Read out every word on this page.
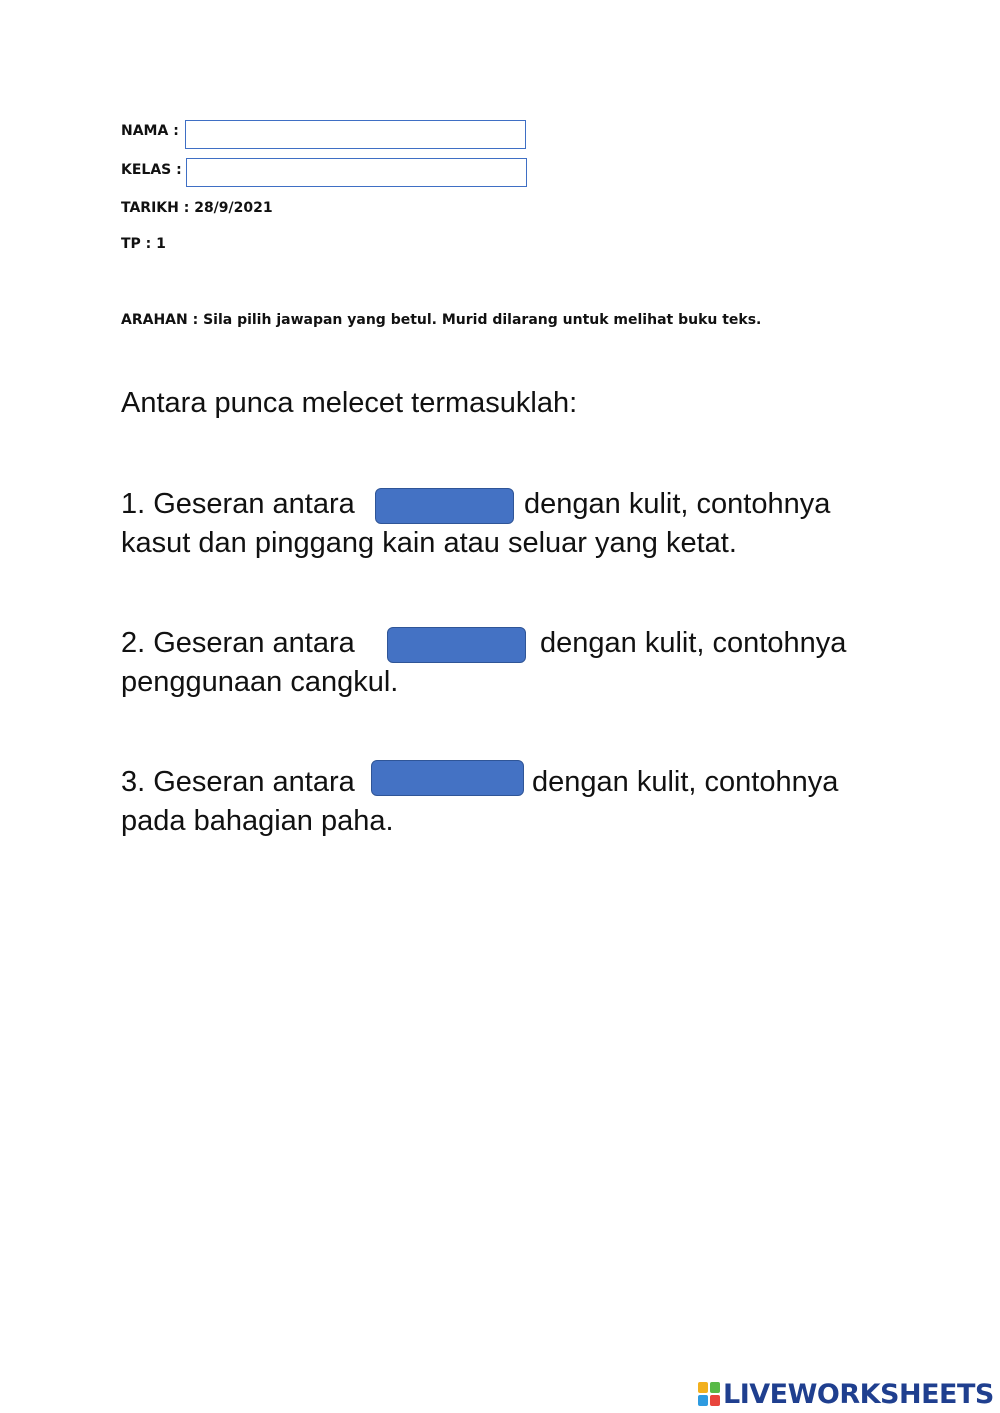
NAMA :
KELAS :
TARIKH : 28/9/2021
TP : 1
ARAHAN : Sila pilih jawapan yang betul. Murid dilarang untuk melihat buku teks.
Antara punca melecet termasuklah:
1. Geseran antara	dengan kulit, contohnya
kasut dan pinggang kain atau seluar yang ketat.
2. Geseran antara	dengan kulit, contohnya
penggunaan cangkul.
3. Geseran antara	dengan kulit, contohnya
pada bahagian paha.
LIVEWORKSHEETS
